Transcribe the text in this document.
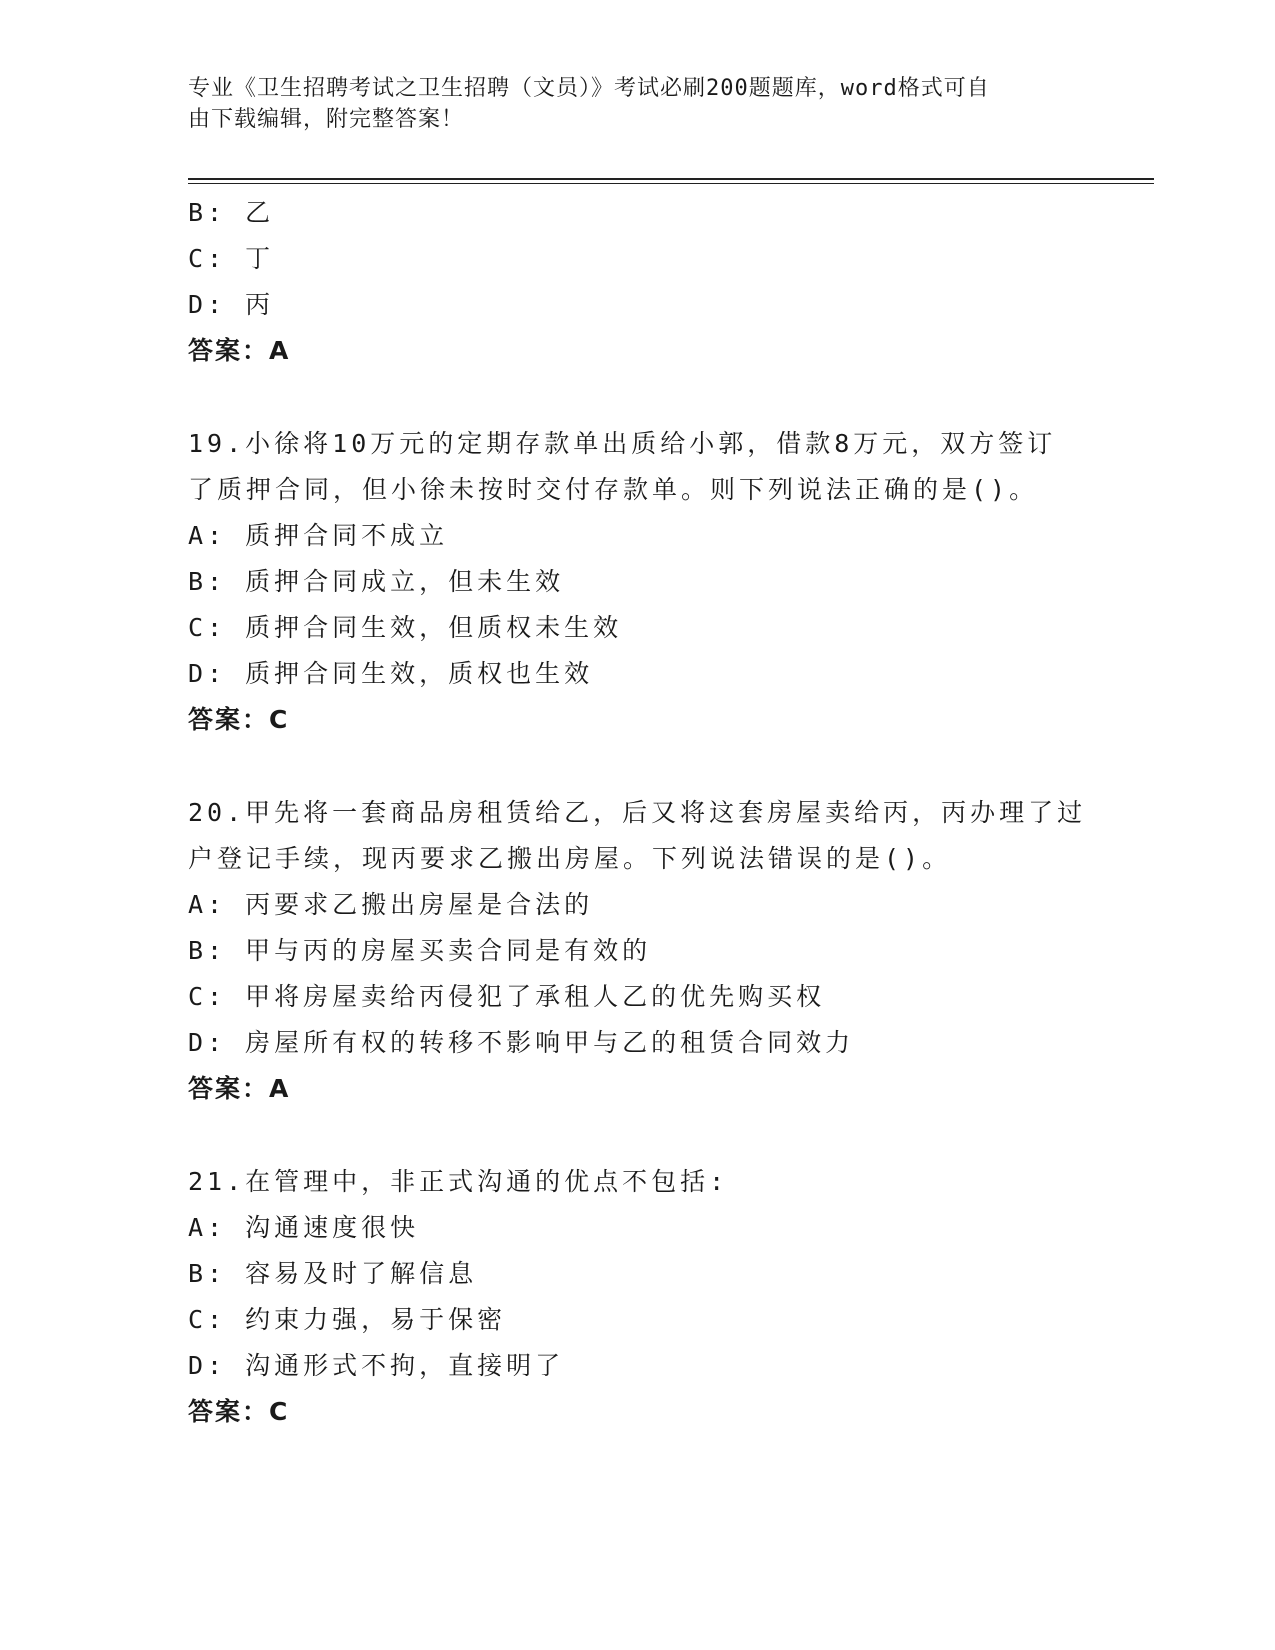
专业《卫生招聘考试之卫生招聘（文员）》考试必刷200题题库，word格式可自
由下载编辑，附完整答案！
B: 乙
C: 丁
D: 丙
答案：A
19.小徐将10万元的定期存款单出质给小郭，借款8万元，双方签订
了质押合同，但小徐未按时交付存款单。则下列说法正确的是()。
A: 质押合同不成立
B: 质押合同成立，但未生效
C: 质押合同生效，但质权未生效
D: 质押合同生效，质权也生效
答案：C
20.甲先将一套商品房租赁给乙，后又将这套房屋卖给丙，丙办理了过
户登记手续，现丙要求乙搬出房屋。下列说法错误的是()。
A: 丙要求乙搬出房屋是合法的
B: 甲与丙的房屋买卖合同是有效的
C: 甲将房屋卖给丙侵犯了承租人乙的优先购买权
D: 房屋所有权的转移不影响甲与乙的租赁合同效力
答案：A
21.在管理中，非正式沟通的优点不包括:
A: 沟通速度很快
B: 容易及时了解信息
C: 约束力强，易于保密
D: 沟通形式不拘，直接明了
答案：C
